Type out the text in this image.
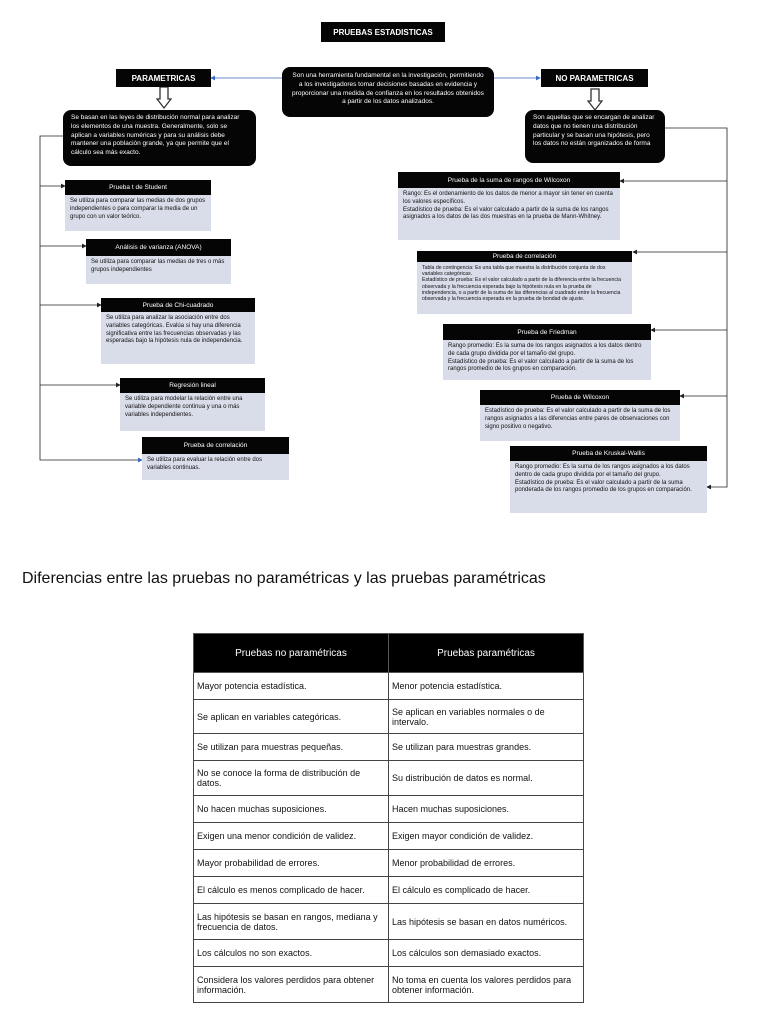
PRUEBAS ESTADISTICAS
Son una herramienta fundamental en la investigación, permitiendo a los investigadores tomar decisiones basadas en evidencia y proporcionar una medida de confianza en los resultados obtenidos a partir de los datos analizados.
PARAMETRICAS
Se basan en las leyes de distribución normal para analizar los elementos de una muestra. Generalmente, solo se aplican a variables numéricas y para su análisis debe mantener una población grande, ya que permite que el cálculo sea más exacto.
Prueba t de Student
Se utiliza para comparar las medias de dos grupos independientes o para comparar la media de un grupo con un valor teórico.
Análisis de varianza (ANOVA)
Se utiliza para comparar las medias de tres o más grupos independientes
Prueba de Chi-cuadrado
Se utiliza para analizar la asociación entre dos variables categóricas. Evalúa si hay una diferencia significativa entre las frecuencias observadas y las esperadas bajo la hipótesis nula de independencia.
Regresión lineal
Se utiliza para modelar la relación entre una variable dependiente continua y una o más variables independientes.
Prueba de correlación
Se utiliza para evaluar la relación entre dos variables continuas.
NO PARAMETRICAS
Son aquellas que se encargan de analizar datos que no tienen una distribución particular y se basan una hipótesis, pero los datos no están organizados de forma
Prueba de la suma de rangos de Wilcoxon
Rango: Es el ordenamiento de los datos de menor a mayor sin tener en cuenta los valores específicos.
Estadístico de prueba: Es el valor calculado a partir de la suma de los rangos asignados a los datos de las dos muestras en la prueba de Mann-Whitney.
Prueba de correlación
Tabla de contingencia: Es una tabla que muestra la distribución conjunta de dos variables categóricas.
Estadístico de prueba: Es el valor calculado a partir de la diferencia entre la frecuencia observada y la frecuencia esperada bajo la hipótesis nula en la prueba de independencia, o a partir de la suma de las diferencias al cuadrado entre la frecuencia observada y la frecuencia esperada en la prueba de bondad de ajuste.
Prueba de Friedman
Rango promedio: Es la suma de los rangos asignados a los datos dentro de cada grupo dividida por el tamaño del grupo.
Estadístico de prueba: Es el valor calculado a partir de la suma de los rangos promedio de los grupos en comparación.
Prueba de Wilcoxon
Estadístico de prueba: Es el valor calculado a partir de la suma de los rangos asignados a las diferencias entre pares de observaciones con signo positivo o negativo.
Prueba de Kruskal-Wallis
Rango promedio: Es la suma de los rangos asignados a los datos dentro de cada grupo dividida por el tamaño del grupo.
Estadístico de prueba: Es el valor calculado a partir de la suma ponderada de los rangos promedio de los grupos en comparación.
Diferencias entre las pruebas no paramétricas y las pruebas paramétricas
Pruebas no paramétricas	Pruebas paramétricas
Mayor potencia estadística.	Menor potencia estadística.
Se aplican en variables categóricas.	Se aplican en variables normales o de intervalo.
Se utilizan para muestras pequeñas.	Se utilizan para muestras grandes.
No se conoce la forma de distribución de datos.	Su distribución de datos es normal.
No hacen muchas suposiciones.	Hacen muchas suposiciones.
Exigen una menor condición de validez.	Exigen mayor condición de validez.
Mayor probabilidad de errores.	Menor probabilidad de errores.
El cálculo es menos complicado de hacer.	El cálculo es complicado de hacer.
Las hipótesis se basan en rangos, mediana y frecuencia de datos.	Las hipótesis se basan en datos numéricos.
Los cálculos no son exactos.	Los cálculos son demasiado exactos.
Considera los valores perdidos para obtener información.	No toma en cuenta los valores perdidos para obtener información.
